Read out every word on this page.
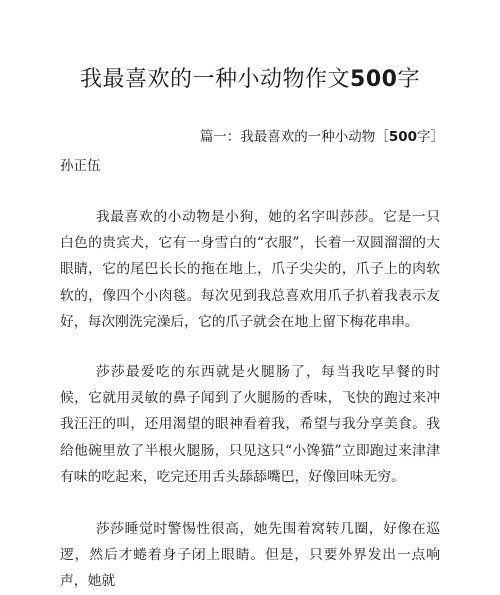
我最喜欢的一种小动物作文500字
篇一：我最喜欢的一种小动物［500字］
孙正伍

我最喜欢的小动物是小狗，她的名字叫莎莎。它是一只白色的贵宾犬，它有一身雪白的“衣服”，长着一双圆溜溜的大眼睛，它的尾巴长长的拖在地上，爪子尖尖的，爪子上的肉软软的，像四个小肉毯。每次见到我总喜欢用爪子扒着我表示友好，每次刚洗完澡后，它的爪子就会在地上留下梅花串串。

莎莎最爱吃的东西就是火腿肠了，每当我吃早餐的时候，它就用灵敏的鼻子闻到了火腿肠的香味，飞快的跑过来冲我汪汪的叫，还用渴望的眼神看着我，希望与我分享美食。我给他碗里放了半根火腿肠，只见这只“小馋猫”立即跑过来津津有味的吃起来，吃完还用舌头舔舔嘴巴，好像回味无穷。

莎莎睡觉时警惕性很高，她先围着窝转几圈，好像在巡逻，然后才蜷着身子闭上眼睛。但是，只要外界发出一点响声，她就
